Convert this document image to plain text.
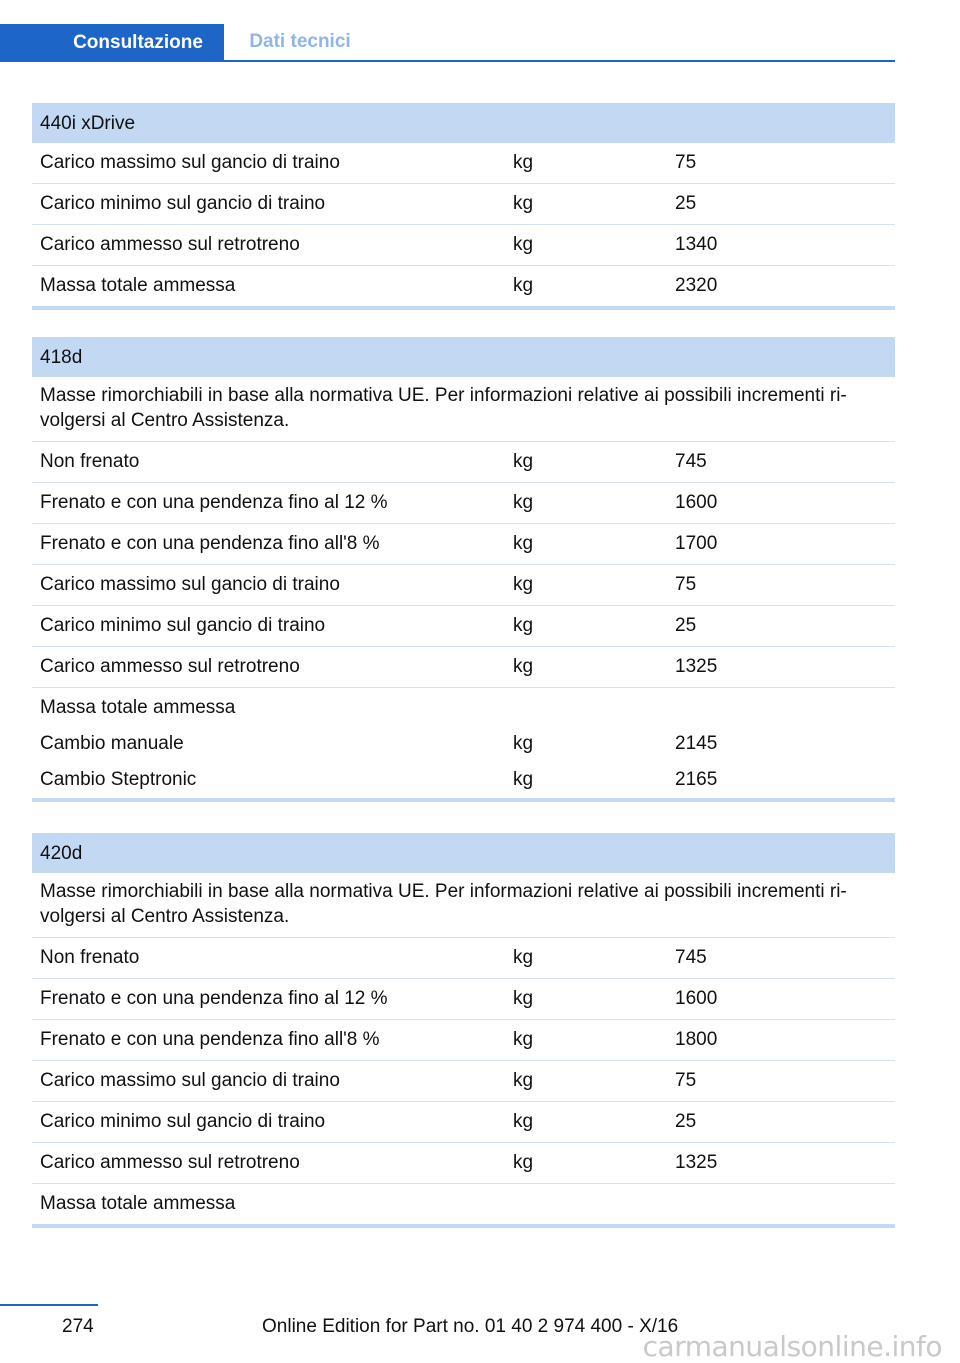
Consultazione	Dati tecnici
440i xDrive		
Carico massimo sul gancio di traino	kg	75
Carico minimo sul gancio di traino	kg	25
Carico ammesso sul retrotreno	kg	1340
Massa totale ammessa	kg	2320
418d		
Masse rimorchiabili in base alla normativa UE. Per informazioni relative ai possibili incrementi ri-volgersi al Centro Assistenza.		
Non frenato	kg	745
Frenato e con una pendenza fino al 12 %	kg	1600
Frenato e con una pendenza fino all'8 %	kg	1700
Carico massimo sul gancio di traino	kg	75
Carico minimo sul gancio di traino	kg	25
Carico ammesso sul retrotreno	kg	1325
Massa totale ammessa		
Cambio manuale	kg	2145
Cambio Steptronic	kg	2165
420d		
Masse rimorchiabili in base alla normativa UE. Per informazioni relative ai possibili incrementi ri-volgersi al Centro Assistenza.		
Non frenato	kg	745
Frenato e con una pendenza fino al 12 %	kg	1600
Frenato e con una pendenza fino all'8 %	kg	1800
Carico massimo sul gancio di traino	kg	75
Carico minimo sul gancio di traino	kg	25
Carico ammesso sul retrotreno	kg	1325
Massa totale ammessa		
274	Online Edition for Part no. 01 40 2 974 400 - X/16
carmanualsonline.info
